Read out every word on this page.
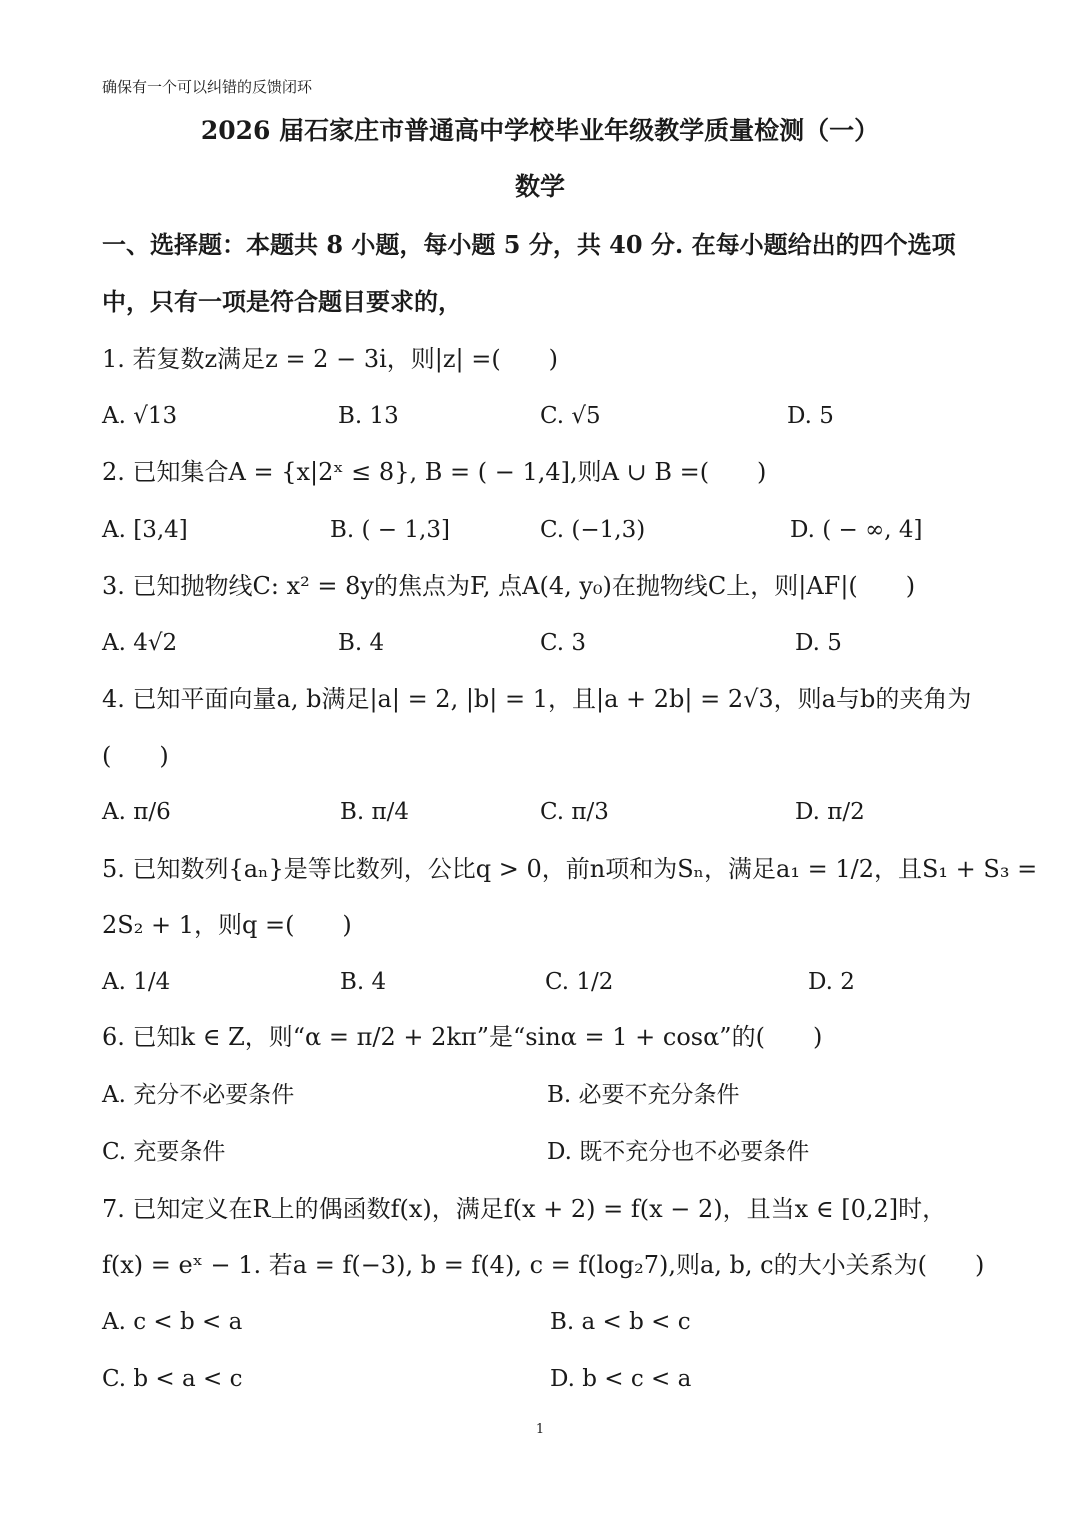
确保有一个可以纠错的反馈闭环
2026 届石家庄市普通高中学校毕业年级教学质量检测（一）
数学
一、选择题：本题共 8 小题，每小题 5 分，共 40 分. 在每小题给出的四个选项
中，只有一项是符合题目要求的，
1. 若复数z满足z = 2 − 3i，则|z| =(　　)
A. √13	B. 13	C. √5	D. 5
2. 已知集合A = {x|2ˣ ≤ 8}, B = ( − 1,4],则A ∪ B =(　　)
A. [3,4]	B. ( − 1,3]	C. (−1,3)	D. ( − ∞, 4]
3. 已知抛物线C: x² = 8y的焦点为F, 点A(4, y₀)在抛物线C上，则|AF|(　　)
A. 4√2	B. 4	C. 3	D. 5
4. 已知平面向量a, b满足|a| = 2, |b| = 1，且|a + 2b| = 2√3，则a与b的夹角为
(　　)
A. π/6	B. π/4	C. π/3	D. π/2
5. 已知数列{aₙ}是等比数列，公比q > 0，前n项和为Sₙ，满足a₁ = 1/2，且S₁ + S₃ =
2S₂ + 1，则q =(　　)
A. 1/4	B. 4	C. 1/2	D. 2
6. 已知k ∈ Z，则“α = π/2 + 2kπ”是“sinα = 1 + cosα”的(　　)
A. 充分不必要条件	B. 必要不充分条件
C. 充要条件	D. 既不充分也不必要条件
7. 已知定义在R上的偶函数f(x)，满足f(x + 2) = f(x − 2)，且当x ∈ [0,2]时，
f(x) = eˣ − 1. 若a = f(−3), b = f(4), c = f(log₂7),则a, b, c的大小关系为(　　)
A. c < b < a	B. a < b < c
C. b < a < c	D. b < c < a
1
